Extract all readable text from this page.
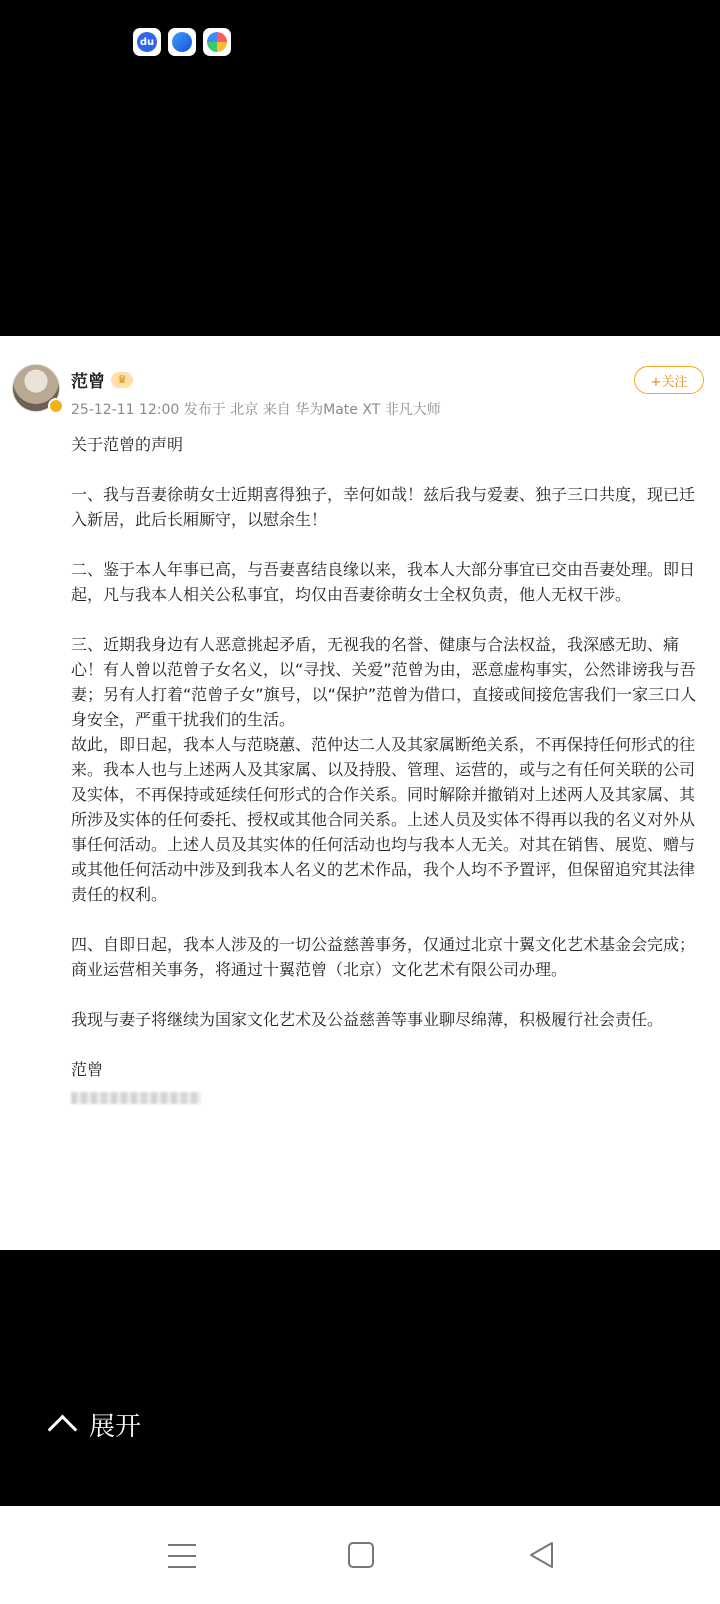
du
范曾	♛
25-12-11 12:00 发布于 北京 来自 华为Mate XT 非凡大师
+关注

关于范曾的声明

一、我与吾妻徐萌女士近期喜得独子，幸何如哉！兹后我与爱妻、独子三口共度，现已迁入新居，此后长厢厮守，以慰余生！

二、鉴于本人年事已高，与吾妻喜结良缘以来，我本人大部分事宜已交由吾妻处理。即日起，凡与我本人相关公私事宜，均仅由吾妻徐萌女士全权负责，他人无权干涉。

三、近期我身边有人恶意挑起矛盾，无视我的名誉、健康与合法权益，我深感无助、痛心！有人曾以范曾子女名义，以“寻找、关爱”范曾为由，恶意虚构事实，公然诽谤我与吾妻；另有人打着“范曾子女”旗号，以“保护”范曾为借口，直接或间接危害我们一家三口人身安全，严重干扰我们的生活。

故此，即日起，我本人与范晓蕙、范仲达二人及其家属断绝关系，不再保持任何形式的往来。我本人也与上述两人及其家属、以及持股、管理、运营的，或与之有任何关联的公司及实体，不再保持或延续任何形式的合作关系。同时解除并撤销对上述两人及其家属、其所涉及实体的任何委托、授权或其他合同关系。上述人员及实体不得再以我的名义对外从事任何活动。上述人员及其实体的任何活动也均与我本人无关。对其在销售、展览、赠与或其他任何活动中涉及到我本人名义的艺术作品，我个人均不予置评，但保留追究其法律责任的权利。

四、自即日起，我本人涉及的一切公益慈善事务，仅通过北京十翼文化艺术基金会完成；商业运营相关事务，将通过十翼范曾（北京）文化艺术有限公司办理。

我现与妻子将继续为国家文化艺术及公益慈善等事业聊尽绵薄，积极履行社会责任。

范曾
展开
